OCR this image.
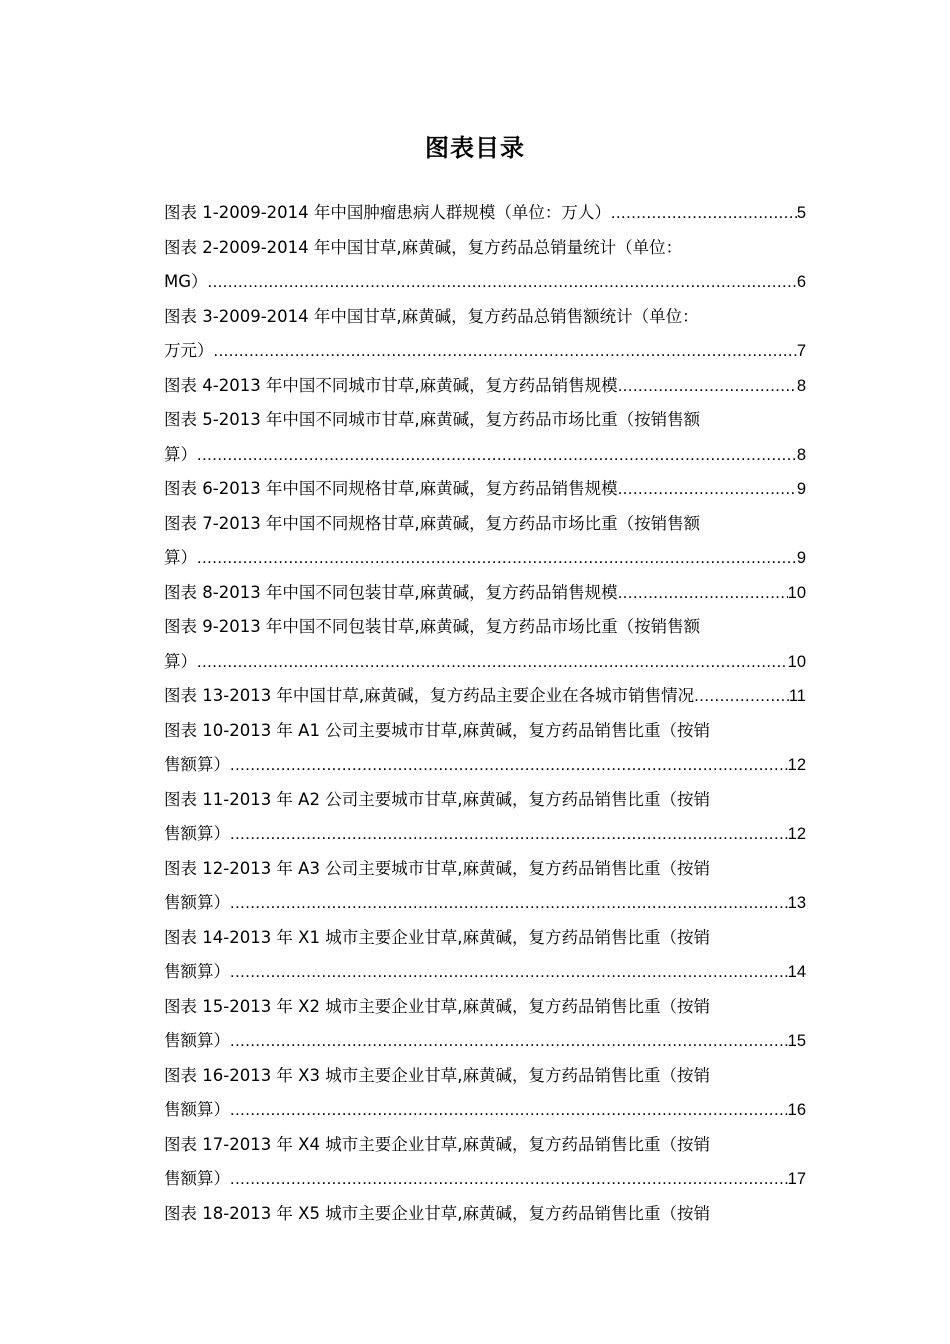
图表目录
图表 1-2009-2014 年中国肿瘤患病人群规模（单位：万人） .....	5
图表 2-2009-2014 年中国甘草,麻黄碱，复方药品总销量统计（单位：
MG） .....	6
图表 3-2009-2014 年中国甘草,麻黄碱，复方药品总销售额统计（单位：
万元） .....	7
图表 4-2013 年中国不同城市甘草,麻黄碱，复方药品销售规模 .....	8
图表 5-2013 年中国不同城市甘草,麻黄碱，复方药品市场比重（按销售额
算） .....	8
图表 6-2013 年中国不同规格甘草,麻黄碱，复方药品销售规模 .....	9
图表 7-2013 年中国不同规格甘草,麻黄碱，复方药品市场比重（按销售额
算） .....	9
图表 8-2013 年中国不同包装甘草,麻黄碱，复方药品销售规模 .....	10
图表 9-2013 年中国不同包装甘草,麻黄碱，复方药品市场比重（按销售额
算） .....	10
图表 13-2013 年中国甘草,麻黄碱，复方药品主要企业在各城市销售情况 .....	11
图表 10-2013 年 A1 公司主要城市甘草,麻黄碱，复方药品销售比重（按销
售额算） .....	12
图表 11-2013 年 A2 公司主要城市甘草,麻黄碱，复方药品销售比重（按销
售额算） .....	12
图表 12-2013 年 A3 公司主要城市甘草,麻黄碱，复方药品销售比重（按销
售额算） .....	13
图表 14-2013 年 X1 城市主要企业甘草,麻黄碱，复方药品销售比重（按销
售额算） .....	14
图表 15-2013 年 X2 城市主要企业甘草,麻黄碱，复方药品销售比重（按销
售额算） .....	15
图表 16-2013 年 X3 城市主要企业甘草,麻黄碱，复方药品销售比重（按销
售额算） .....	16
图表 17-2013 年 X4 城市主要企业甘草,麻黄碱，复方药品销售比重（按销
售额算） .....	17
图表 18-2013 年 X5 城市主要企业甘草,麻黄碱，复方药品销售比重（按销
